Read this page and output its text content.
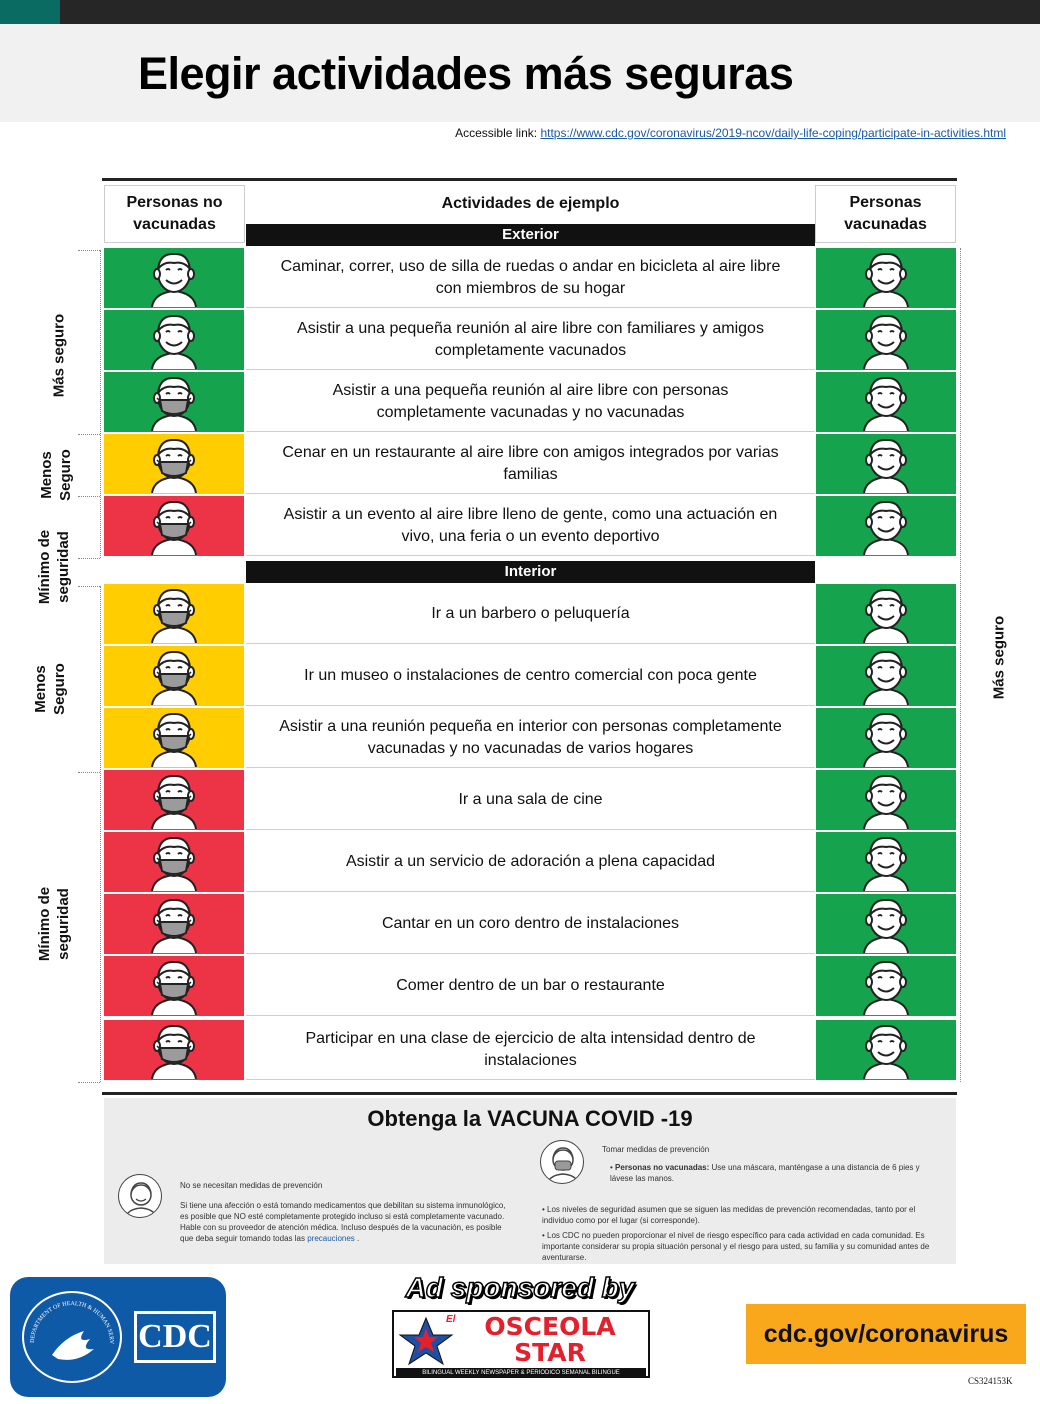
Elegir actividades más seguras
Accessible link: https://www.cdc.gov/coronavirus/2019-ncov/daily-life-coping/participate-in-activities.html
Personas no vacunadas
Actividades de ejemplo	Personas vacunadas
Exterior
Interior
Caminar, correr, uso de silla de ruedas o andar en bicicleta al aire libre con miembros de su hogar
Asistir a una pequeña reunión al aire libre con familiares y amigos completamente vacunados
Asistir a una pequeña reunión al aire libre con personas completamente vacunadas y no vacunadas
Cenar en un restaurante al aire libre con amigos integrados por varias familias
Asistir a un evento al aire libre lleno de gente, como una actuación en vivo, una feria o un evento deportivo
Ir a un barbero o peluquería
Ir un museo o instalaciones de centro comercial con poca gente
Asistir a una reunión pequeña en interior con personas completamente vacunadas y no vacunadas de varios hogares
Ir a una sala de cine
Asistir a un servicio de adoración a plena capacidad
Cantar en un coro dentro de instalaciones
Comer dentro de un bar o restaurante
Participar en una clase de ejercicio de alta intensidad dentro de instalaciones
Más seguro
Menos Seguro
Mínimo de seguridad
Menos Seguro
Mínimo de seguridad
Más seguro
Obtenga la VACUNA COVID -19
No se necesitan medidas de prevención
Si tiene una afección o está tomando medicamentos que debilitan su sistema inmunológico, es posible que NO esté completamente protegido incluso si está completamente vacunado. Hable con su proveedor de atención médica. Incluso después de la vacunación, es posible que deba seguir tomando todas las precauciones .
Tomar medidas de prevención
• Personas no vacunadas: Use una máscara, manténgase a una distancia de 6 pies y lávese las manos.
• Los niveles de seguridad asumen que se siguen las medidas de prevención recomendadas, tanto por el individuo como por el lugar (si corresponde).
• Los CDC no pueden proporcionar el nivel de riesgo específico para cada actividad en cada comunidad. Es importante considerar su propia situación personal y el riesgo para usted, su familia y su comunidad antes de aventurarse.
DEPARTMENT OF HEALTH & HUMAN SERV CDC
Ad sponsored by
El	OSCEOLA
STAR
BILINGUAL WEEKLY NEWSPAPER & PERIODICO SEMANAL BILINGUE
cdc.gov/coronavirus
CS324153K
